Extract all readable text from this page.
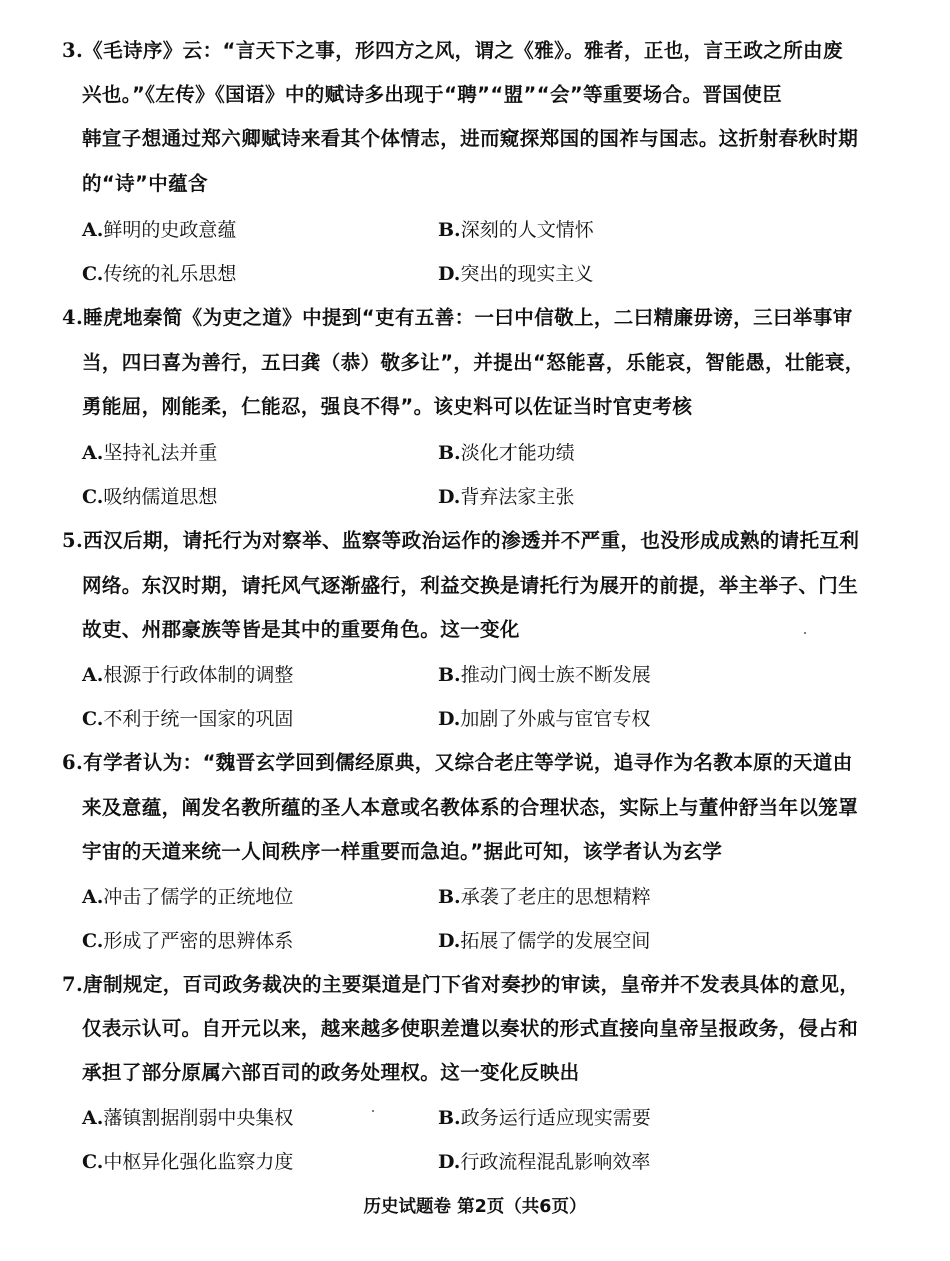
3.《毛诗序》云：“言天下之事，形四方之风，谓之《雅》。雅者，正也，言王政之所由废
兴也。”《左传》《国语》中的赋诗多出现于“聘”“盟”“会”等重要场合。晋国使臣
韩宣子想通过郑六卿赋诗来看其个体情志，进而窥探郑国的国祚与国志。这折射春秋时期
的“诗”中蕴含
A.鲜明的史政意蕴	B.深刻的人文情怀
C.传统的礼乐思想	D.突出的现实主义
4.睡虎地秦简《为吏之道》中提到“吏有五善：一曰中信敬上，二曰精廉毋谤，三曰举事审
当，四曰喜为善行，五曰龚（恭）敬多让”，并提出“怒能喜，乐能哀，智能愚，壮能衰，
勇能屈，刚能柔，仁能忍，强良不得”。该史料可以佐证当时官吏考核
A.坚持礼法并重	B.淡化才能功绩
C.吸纳儒道思想	D.背弃法家主张
5.西汉后期，请托行为对察举、监察等政治运作的渗透并不严重，也没形成成熟的请托互利
网络。东汉时期，请托风气逐渐盛行，利益交换是请托行为展开的前提，举主举子、门生
故吏、州郡豪族等皆是其中的重要角色。这一变化
A.根源于行政体制的调整	B.推动门阀士族不断发展
C.不利于统一国家的巩固	D.加剧了外戚与宦官专权
6.有学者认为：“魏晋玄学回到儒经原典，又综合老庄等学说，追寻作为名教本原的天道由
来及意蕴，阐发名教所蕴的圣人本意或名教体系的合理状态，实际上与董仲舒当年以笼罩
宇宙的天道来统一人间秩序一样重要而急迫。”据此可知，该学者认为玄学
A.冲击了儒学的正统地位	B.承袭了老庄的思想精粹
C.形成了严密的思辨体系	D.拓展了儒学的发展空间
7.唐制规定，百司政务裁决的主要渠道是门下省对奏抄的审读，皇帝并不发表具体的意见，
仅表示认可。自开元以来，越来越多使职差遣以奏状的形式直接向皇帝呈报政务，侵占和
承担了部分原属六部百司的政务处理权。这一变化反映出
A.藩镇割据削弱中央集权	B.政务运行适应现实需要
C.中枢异化强化监察力度	D.行政流程混乱影响效率
历史试题卷 第2页（共6页）
